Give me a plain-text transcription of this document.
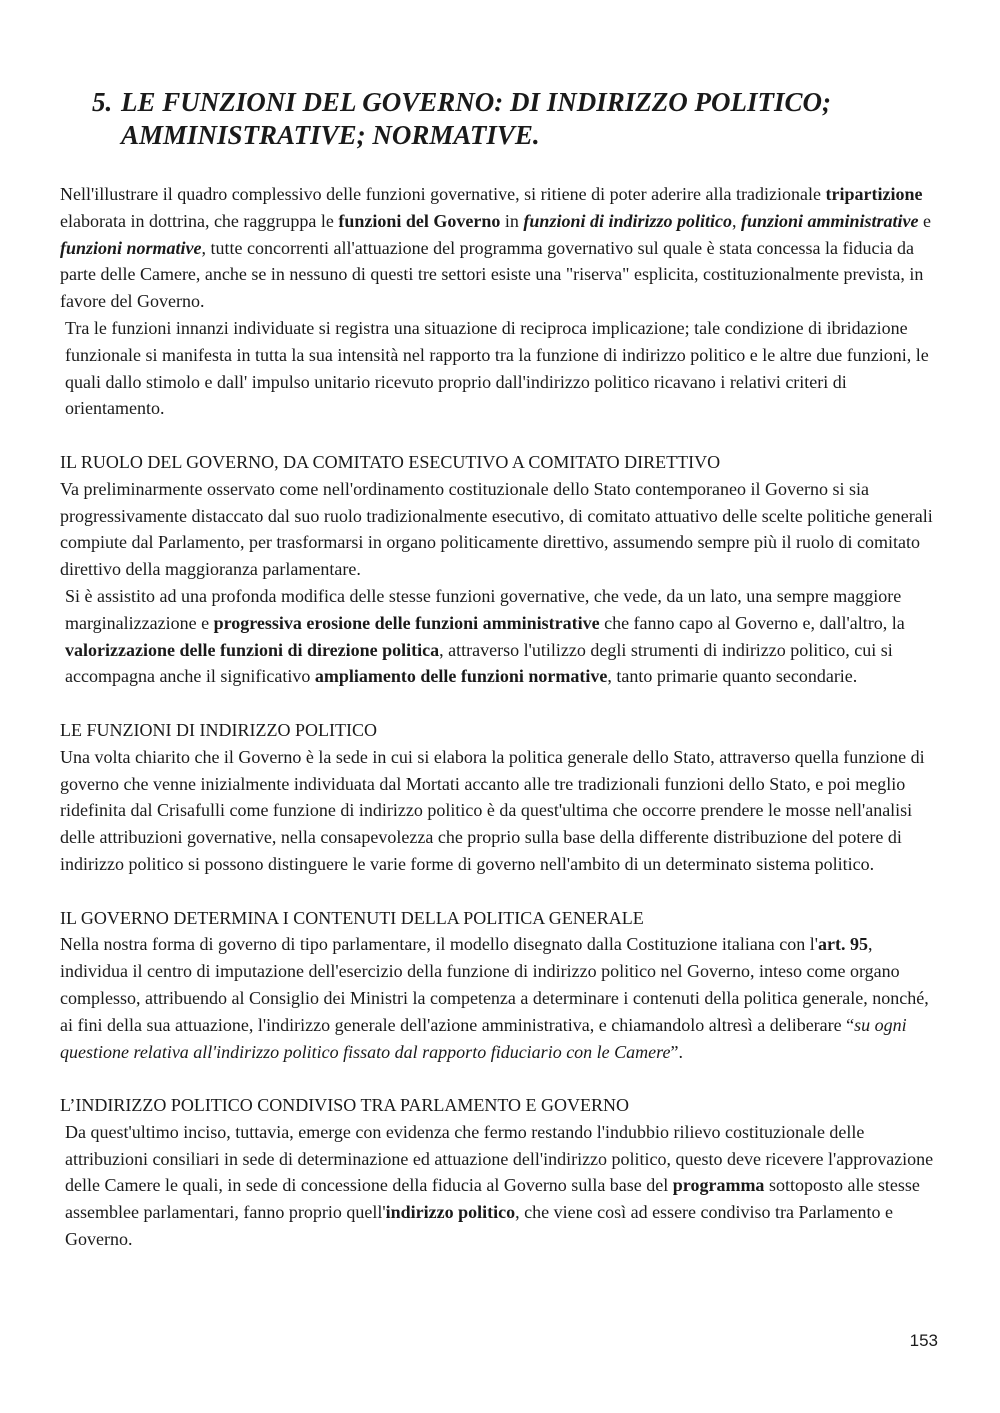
5. LE FUNZIONI DEL GOVERNO: DI INDIRIZZO POLITICO;
AMMINISTRATIVE; NORMATIVE.

Nell'illustrare il quadro complessivo delle funzioni governative, si ritiene di poter aderire alla tradizionale tripartizione elaborata in dottrina, che raggruppa le funzioni del Governo in funzioni di indirizzo politico, funzioni amministrative e funzioni normative, tutte concorrenti all'attuazione del programma governativo sul quale è stata concessa la fiducia da parte delle Camere, anche se in nessuno di questi tre settori esiste una "riserva" esplicita, costituzionalmente prevista, in favore del Governo.

Tra le funzioni innanzi individuate si registra una situazione di reciproca implicazione; tale condizione di ibridazione funzionale si manifesta in tutta la sua intensità nel rapporto tra la funzione di indirizzo politico e le altre due funzioni, le quali dallo stimolo e dall' impulso unitario ricevuto proprio dall'indirizzo politico ricavano i relativi criteri di orientamento.

IL RUOLO DEL GOVERNO, DA COMITATO ESECUTIVO A COMITATO DIRETTIVO

Va preliminarmente osservato come nell'ordinamento costituzionale dello Stato contemporaneo il Governo si sia progressivamente distaccato dal suo ruolo tradizionalmente esecutivo, di comitato attuativo delle scelte politiche generali compiute dal Parlamento, per trasformarsi in organo politicamente direttivo, assumendo sempre più il ruolo di comitato direttivo della maggioranza parlamentare.

Si è assistito ad una profonda modifica delle stesse funzioni governative, che vede, da un lato, una sempre maggiore marginalizzazione e progressiva erosione delle funzioni amministrative che fanno capo al Governo e, dall'altro, la valorizzazione delle funzioni di direzione politica, attraverso l'utilizzo degli strumenti di indirizzo politico, cui si accompagna anche il significativo ampliamento delle funzioni normative, tanto primarie quanto secondarie.

LE FUNZIONI DI INDIRIZZO POLITICO

Una volta chiarito che il Governo è la sede in cui si elabora la politica generale dello Stato, attraverso quella funzione di governo che venne inizialmente individuata dal Mortati accanto alle tre tradizionali funzioni dello Stato, e poi meglio ridefinita dal Crisafulli come funzione di indirizzo politico è da quest'ultima che occorre prendere le mosse nell'analisi delle attribuzioni governative, nella consapevolezza che proprio sulla base della differente distribuzione del potere di indirizzo politico si possono distinguere le varie forme di governo nell'ambito di un determinato sistema politico.

IL GOVERNO DETERMINA I CONTENUTI DELLA POLITICA GENERALE

Nella nostra forma di governo di tipo parlamentare, il modello disegnato dalla Costituzione italiana con l'art. 95, individua il centro di imputazione dell'esercizio della funzione di indirizzo politico nel Governo, inteso come organo complesso, attribuendo al Consiglio dei Ministri la competenza a determinare i contenuti della politica generale, nonché, ai fini della sua attuazione, l'indirizzo generale dell'azione amministrativa, e chiamandolo altresì a deliberare “su ogni questione relativa all'indirizzo politico fissato dal rapporto fiduciario con le Camere”.

L’INDIRIZZO POLITICO CONDIVISO TRA PARLAMENTO E GOVERNO

Da quest'ultimo inciso, tuttavia, emerge con evidenza che fermo restando l'indubbio rilievo costituzionale delle attribuzioni consiliari in sede di determinazione ed attuazione dell'indirizzo politico, questo deve ricevere l'approvazione delle Camere le quali, in sede di concessione della fiducia al Governo sulla base del programma sottoposto alle stesse assemblee parlamentari, fanno proprio quell'indirizzo politico, che viene così ad essere condiviso tra Parlamento e Governo.

153
